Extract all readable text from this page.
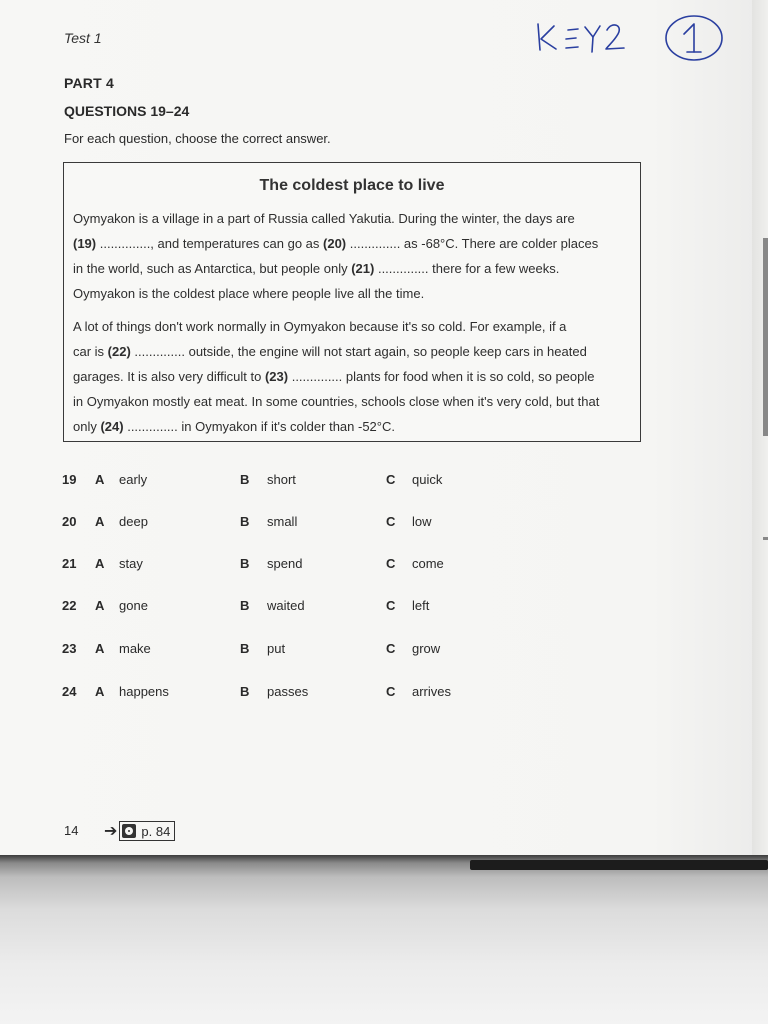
Test 1
PART 4
QUESTIONS 19–24
For each question, choose the correct answer.
The coldest place to live
Oymyakon is a village in a part of Russia called Yakutia. During the winter, the days are
(19) .............., and temperatures can go as (20) .............. as -68°C. There are colder places
in the world, such as Antarctica, but people only (21) .............. there for a few weeks.
Oymyakon is the coldest place where people live all the time.
A lot of things don't work normally in Oymyakon because it's so cold. For example, if a
car is (22) .............. outside, the engine will not start again, so people keep cars in heated
garages. It is also very difficult to (23) .............. plants for food when it is so cold, so people
in Oymyakon mostly eat meat. In some countries, schools close when it's very cold, but that
only (24) .............. in Oymyakon if it's colder than -52°C.
19 A early	B short	C quick
20 A deep	B small	C low
21 A stay	B spend	C come
22 A gone	B waited	C left
23 A make	B put	C grow
24 A happens	B passes	C arrives
14 ➔ p. 84
